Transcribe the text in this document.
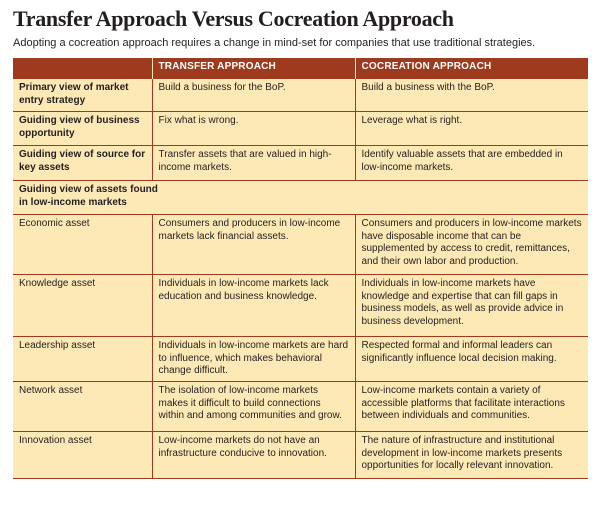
Transfer Approach Versus Cocreation Approach
Adopting a cocreation approach requires a change in mind-set for companies that use traditional strategies.
	TRANSFER APPROACH	COCREATION APPROACH
Primary view of market entry strategy	Build a business for the BoP.	Build a business with the BoP.
Guiding view of business opportunity	Fix what is wrong.	Leverage what is right.
Guiding view of source for key assets	Transfer assets that are valued in high-income markets.	Identify valuable assets that are embedded in low-income markets.

Guiding view of assets found in low-income markets		

Economic asset	Consumers and producers in low-income markets lack financial assets.	Consumers and producers in low-income markets have disposable income that can be supplemented by access to credit, remittances, and their own labor and production.
Knowledge asset	Individuals in low-income markets lack education and business knowledge.	Individuals in low-income markets have knowledge and expertise that can fill gaps in business models, as well as provide advice in business development.
Leadership asset	Individuals in low-income markets are hard to influence, which makes behavioral change difficult.	Respected formal and informal leaders can significantly influence local decision making.
Network asset	The isolation of low-income markets makes it difficult to build connections within and among communities and grow.	Low-income markets contain a variety of accessible platforms that facilitate interactions between individuals and communities.
Innovation asset	Low-income markets do not have an infrastructure conducive to innovation.	The nature of infrastructure and institutional development in low-income markets presents opportunities for locally relevant innovation.
